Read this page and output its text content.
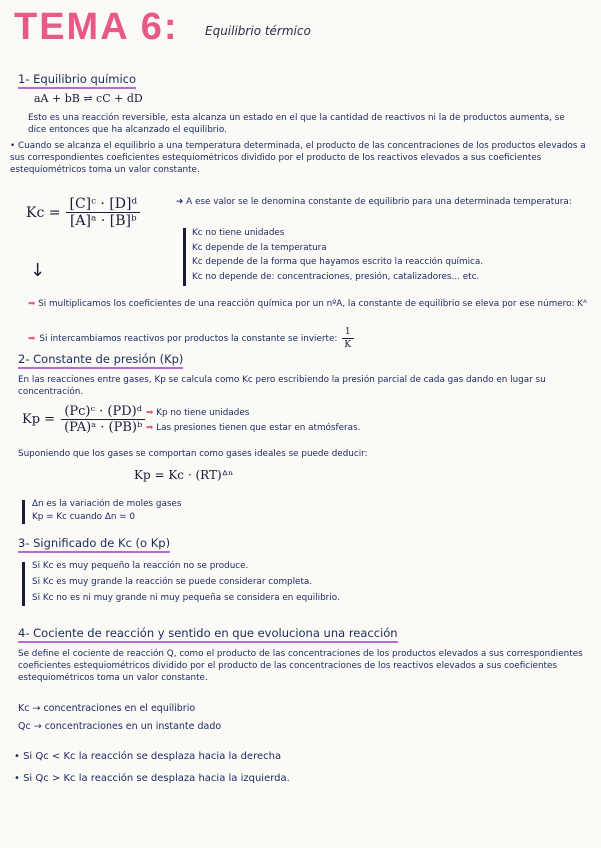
TEMA 6: Equilibrio térmico
1- Equilibrio químico
aA + bB ⇌ cC + dD
Esto es una reacción reversible, esta alcanza un estado en el que la cantidad de reactivos ni la de productos aumenta, se dice entonces que ha alcanzado el equilibrio.
• Cuando se alcanza el equilibrio a una temperatura determinada, el producto de las concentraciones de los productos elevados a sus correspondientes coeficientes estequiométricos dividido por el producto de los reactivos elevados a sus coeficientes estequiométricos toma un valor constante.
$Kc = \frac{\text{[C]ᶜ · [D]ᵈ}}{\text{[A]ᵃ · [B]ᵇ}}$	➜ A ese valor se le denomina constante de equilibrio para una determinada temperatura:
Kc no tiene unidades
Kc depende de la temperatura
Kc depende de la forma que hayamos escrito la reacción química.
Kc no depende de: concentraciones, presión, catalizadores... etc.
↓
➡ Si multiplicamos los coeficientes de una reacción química por un nºA, la constante de equilibrio se eleva por ese número: Kᴬ
➡ Si intercambiamos reactivos por productos la constante se invierte: $\frac{1}{K}$
2- Constante de presión (Kp)
En las reacciones entre gases, Kp se calcula como Kc pero escribiendo la presión parcial de cada gas dando en lugar su concentración.
$Kp = \frac{\text{(Pc)ᶜ · (PD)ᵈ}}{\text{(PA)ᵃ · (PB)ᵇ}}$ ➡ Kp no tiene unidades
➡ Las presiones tienen que estar en atmósferas.
Suponiendo que los gases se comportan como gases ideales se puede deducir:
Kp = Kc · (RT)ᐞⁿ
Δn es la variación de moles gases
Kp = Kc cuando Δn = 0
3- Significado de Kc (o Kp)
Si Kc es muy pequeño la reacción no se produce.
Si Kc es muy grande la reacción se puede considerar completa.
Si Kc no es ni muy grande ni muy pequeña se considera en equilibrio.
4- Cociente de reacción y sentido en que evoluciona una reacción
Se define el cociente de reacción Q, como el producto de las concentraciones de los productos elevados a sus correspondientes coeficientes estequiométricos dividido por el producto de las concentraciones de los reactivos elevados a sus coeficientes estequiométricos toma un valor constante.
Kc → concentraciones en el equilibrio
Qc → concentraciones en un instante dado
• Si Qc < Kc la reacción se desplaza hacia la derecha
• Si Qc > Kc la reacción se desplaza hacia la izquierda.
